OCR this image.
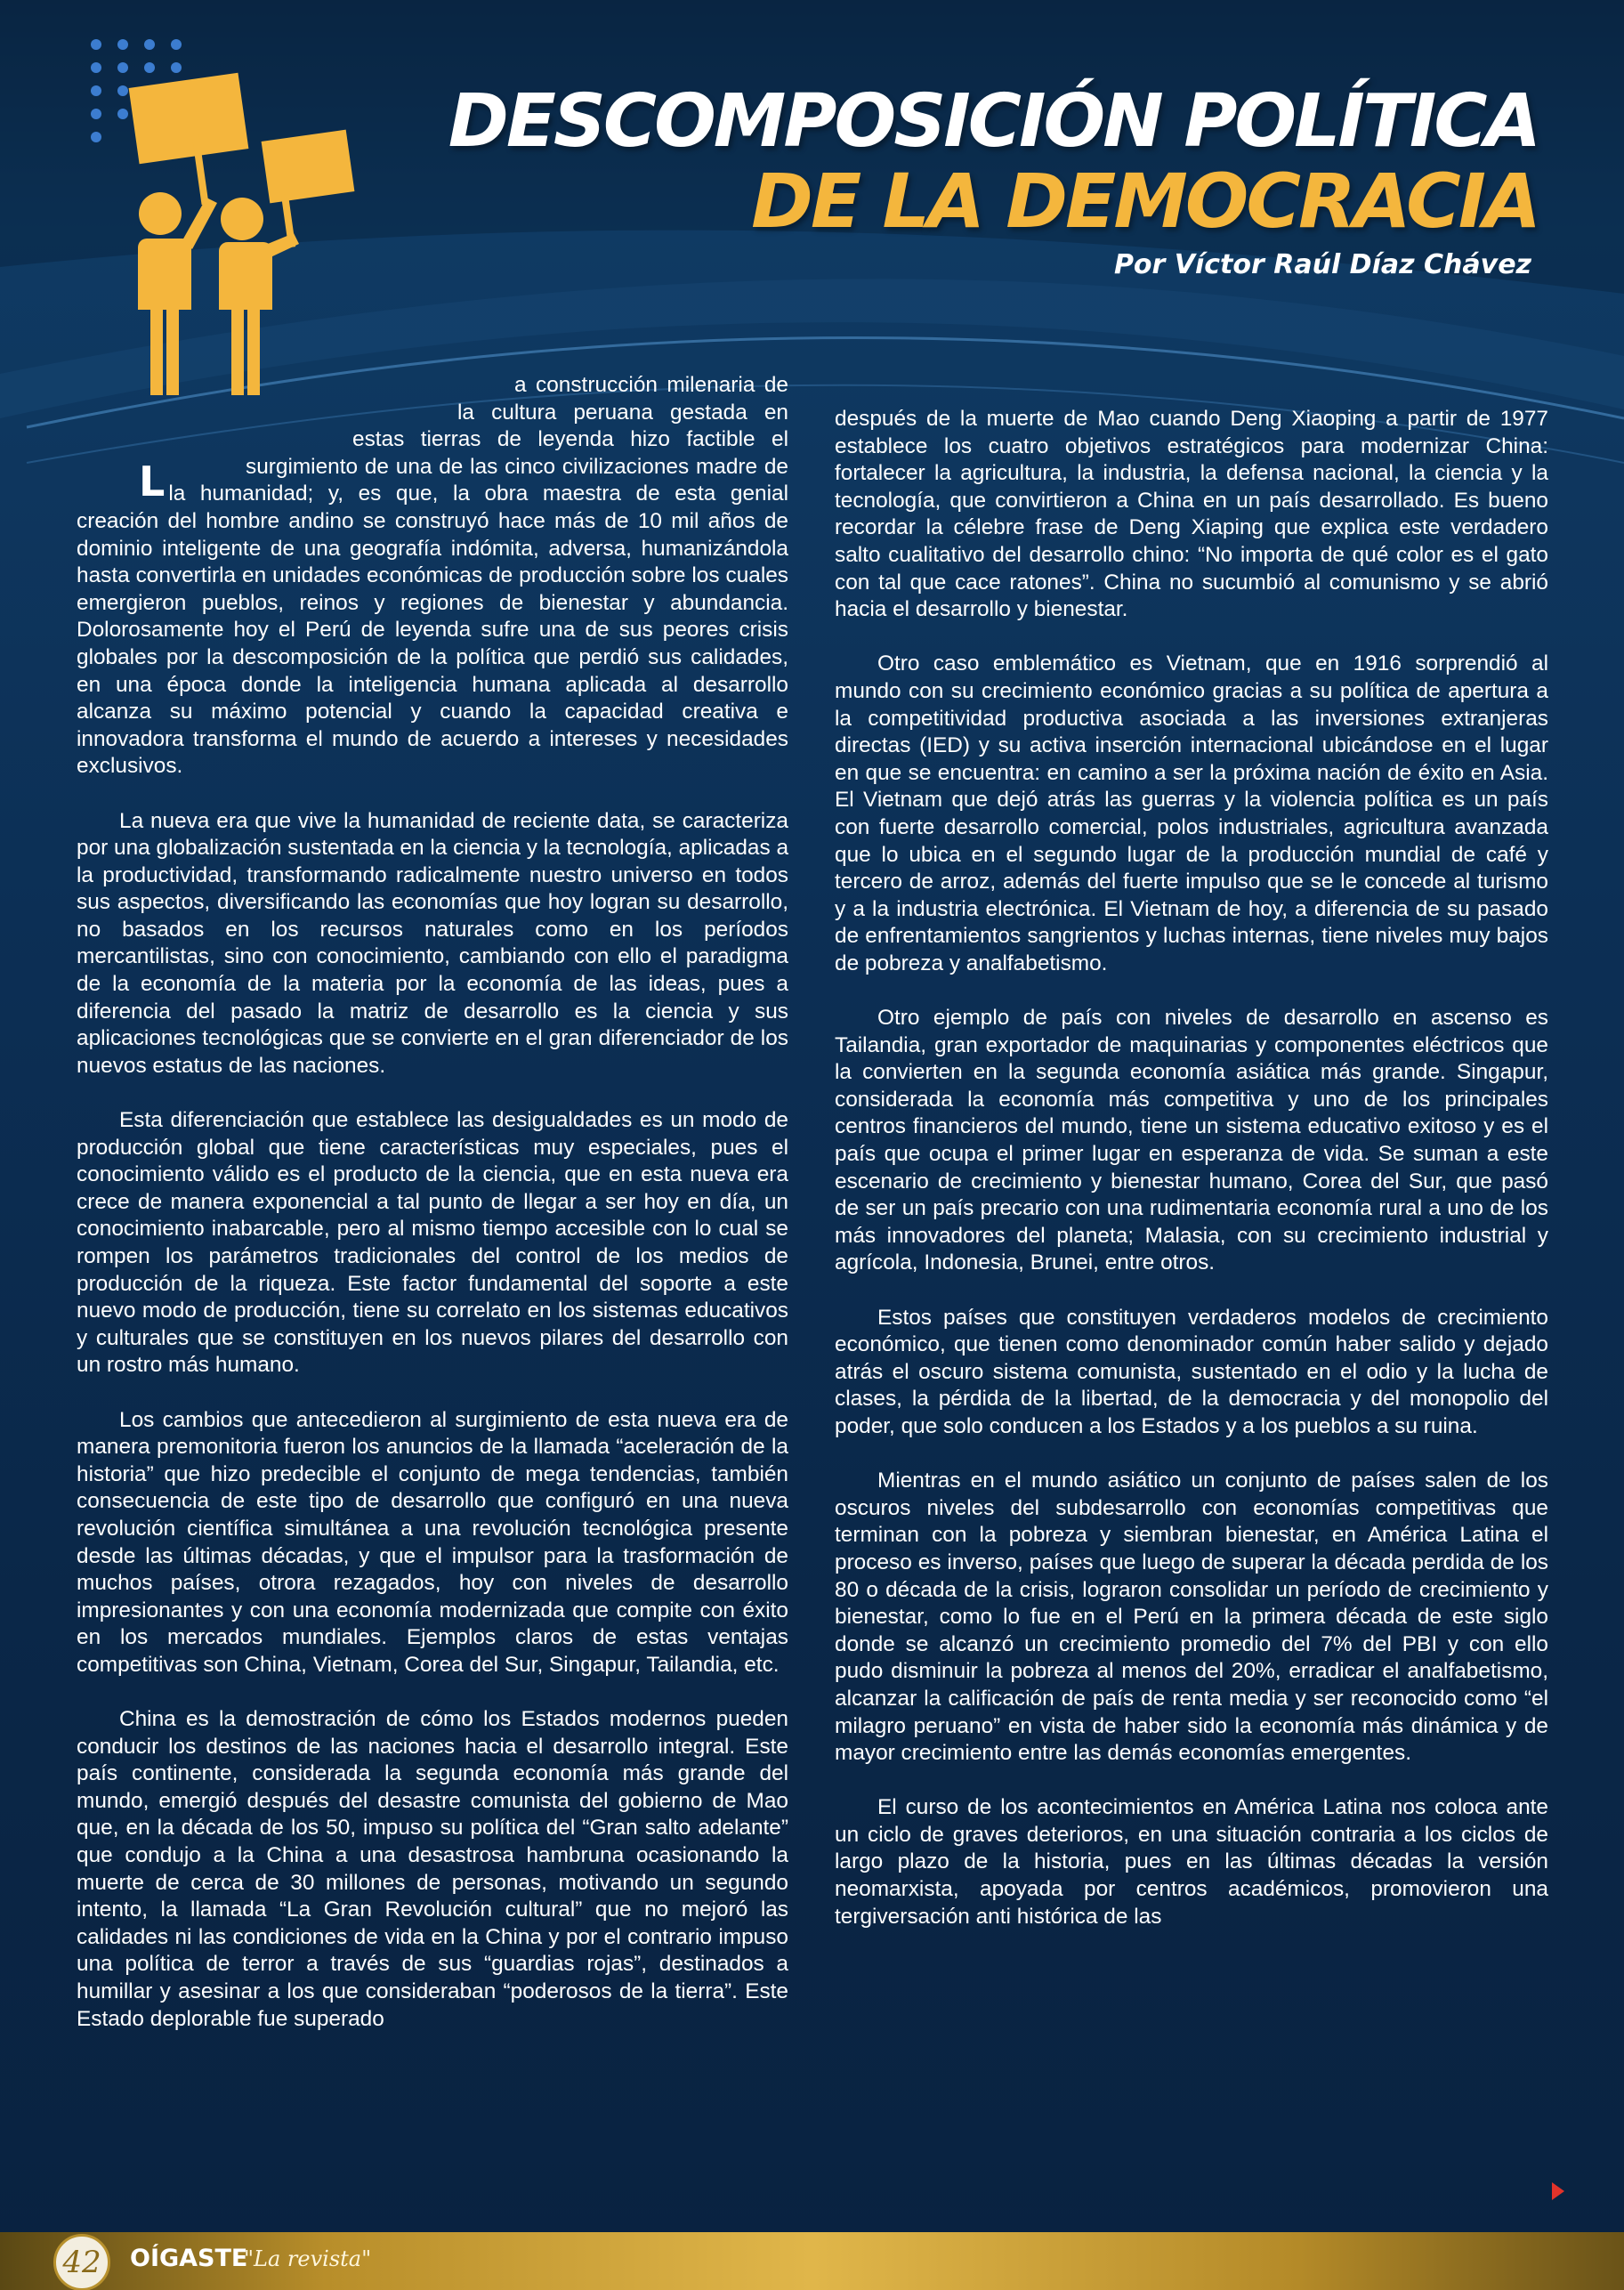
DESCOMPOSICIÓN POLÍTICA
DE LA DEMOCRACIA
Por Víctor Raúl Díaz Chávez

L
a construcción milenaria de la cultura peruana gestada en estas tierras de leyenda hizo factible el surgimiento de una de las cinco civilizaciones madre de la humanidad; y, es que, la obra maestra de esta genial creación del hombre andino se construyó hace más de 10 mil años de dominio inteligente de una geografía indómita, adversa, humanizándola hasta convertirla en unidades económicas de producción sobre los cuales emergieron pueblos, reinos y regiones de bienestar y abundancia. Dolorosamente hoy el Perú de leyenda sufre una de sus peores crisis globales por la descomposición de la política que perdió sus calidades, en una época donde la inteligencia humana aplicada al desarrollo alcanza su máximo potencial y cuando la capacidad creativa e innovadora transforma el mundo de acuerdo a intereses y necesidades exclusivos.

La nueva era que vive la humanidad de reciente data, se caracteriza por una globalización sustentada en la ciencia y la tecnología, aplicadas a la productividad, transformando radicalmente nuestro universo en todos sus aspectos, diversificando las economías que hoy logran su desarrollo, no basados en los recursos naturales como en los períodos mercantilistas, sino con conocimiento, cambiando con ello el paradigma de la economía de la materia por la economía de las ideas, pues a diferencia del pasado la matriz de desarrollo es la ciencia y sus aplicaciones tecnológicas que se convierte en el gran diferenciador de los nuevos estatus de las naciones.

Esta diferenciación que establece las desigualdades es un modo de producción global que tiene características muy especiales, pues el conocimiento válido es el producto de la ciencia, que en esta nueva era crece de manera exponencial a tal punto de llegar a ser hoy en día, un conocimiento inabarcable, pero al mismo tiempo accesible con lo cual se rompen los parámetros tradicionales del control de los medios de producción de la riqueza. Este factor fundamental del soporte a este nuevo modo de producción, tiene su correlato en los sistemas educativos y culturales que se constituyen en los nuevos pilares del desarrollo con un rostro más humano.

Los cambios que antecedieron al surgimiento de esta nueva era de manera premonitoria fueron los anuncios de la llamada “aceleración de la historia” que hizo predecible el conjunto de mega tendencias, también consecuencia de este tipo de desarrollo que configuró en una nueva revolución científica simultánea a una revolución tecnológica presente desde las últimas décadas, y que el impulsor para la trasformación de muchos países, otrora rezagados, hoy con niveles de desarrollo impresionantes y con una economía modernizada que compite con éxito en los mercados mundiales. Ejemplos claros de estas ventajas competitivas son China, Vietnam, Corea del Sur, Singapur, Tailandia, etc.

China es la demostración de cómo los Estados modernos pueden conducir los destinos de las naciones hacia el desarrollo integral. Este país continente, considerada la segunda economía más grande del mundo, emergió después del desastre comunista del gobierno de Mao que, en la década de los 50, impuso su política del “Gran salto adelante” que condujo a la China a una desastrosa hambruna ocasionando la muerte de cerca de 30 millones de personas, motivando un segundo intento, la llamada “La Gran Revolución cultural” que no mejoró las calidades ni las condiciones de vida en la China y por el contrario impuso una política de terror a través de sus “guardias rojas”, destinados a humillar y asesinar a los que consideraban “poderosos de la tierra”. Este Estado deplorable fue superado

después de la muerte de Mao cuando Deng Xiaoping a partir de 1977 establece los cuatro objetivos estratégicos para modernizar China: fortalecer la agricultura, la industria, la defensa nacional, la ciencia y la tecnología, que convirtieron a China en un país desarrollado. Es bueno recordar la célebre frase de Deng Xiaping que explica este verdadero salto cualitativo del desarrollo chino: “No importa de qué color es el gato con tal que cace ratones”. China no sucumbió al comunismo y se abrió hacia el desarrollo y bienestar.

Otro caso emblemático es Vietnam, que en 1916 sorprendió al mundo con su crecimiento económico gracias a su política de apertura a la competitividad productiva asociada a las inversiones extranjeras directas (IED) y su activa inserción internacional ubicándose en el lugar en que se encuentra: en camino a ser la próxima nación de éxito en Asia. El Vietnam que dejó atrás las guerras y la violencia política es un país con fuerte desarrollo comercial, polos industriales, agricultura avanzada que lo ubica en el segundo lugar de la producción mundial de café y tercero de arroz, además del fuerte impulso que se le concede al turismo y a la industria electrónica. El Vietnam de hoy, a diferencia de su pasado de enfrentamientos sangrientos y luchas internas, tiene niveles muy bajos de pobreza y analfabetismo.

Otro ejemplo de país con niveles de desarrollo en ascenso es Tailandia, gran exportador de maquinarias y componentes eléctricos que la convierten en la segunda economía asiática más grande. Singapur, considerada la economía más competitiva y uno de los principales centros financieros del mundo, tiene un sistema educativo exitoso y es el país que ocupa el primer lugar en esperanza de vida. Se suman a este escenario de crecimiento y bienestar humano, Corea del Sur, que pasó de ser un país precario con una rudimentaria economía rural a uno de los más innovadores del planeta; Malasia, con su crecimiento industrial y agrícola, Indonesia, Brunei, entre otros.

Estos países que constituyen verdaderos modelos de crecimiento económico, que tienen como denominador común haber salido y dejado atrás el oscuro sistema comunista, sustentado en el odio y la lucha de clases, la pérdida de la libertad, de la democracia y del monopolio del poder, que solo conducen a los Estados y a los pueblos a su ruina.

Mientras en el mundo asiático un conjunto de países salen de los oscuros niveles del subdesarrollo con economías competitivas que terminan con la pobreza y siembran bienestar, en América Latina el proceso es inverso, países que luego de superar la década perdida de los 80 o década de la crisis, lograron consolidar un período de crecimiento y bienestar, como lo fue en el Perú en la primera década de este siglo donde se alcanzó un crecimiento promedio del 7% del PBI y con ello pudo disminuir la pobreza al menos del 20%, erradicar el analfabetismo, alcanzar la calificación de país de renta media y ser reconocido como “el milagro peruano” en vista de haber sido la economía más dinámica y de mayor crecimiento entre las demás economías emergentes.

El curso de los acontecimientos en América Latina nos coloca ante un ciclo de graves deterioros, en una situación contraria a los ciclos de largo plazo de la historia, pues en las últimas décadas la versión neomarxista, apoyada por centros académicos, promovieron una tergiversación anti histórica de las

42 OÍGASTE
"La revista"
